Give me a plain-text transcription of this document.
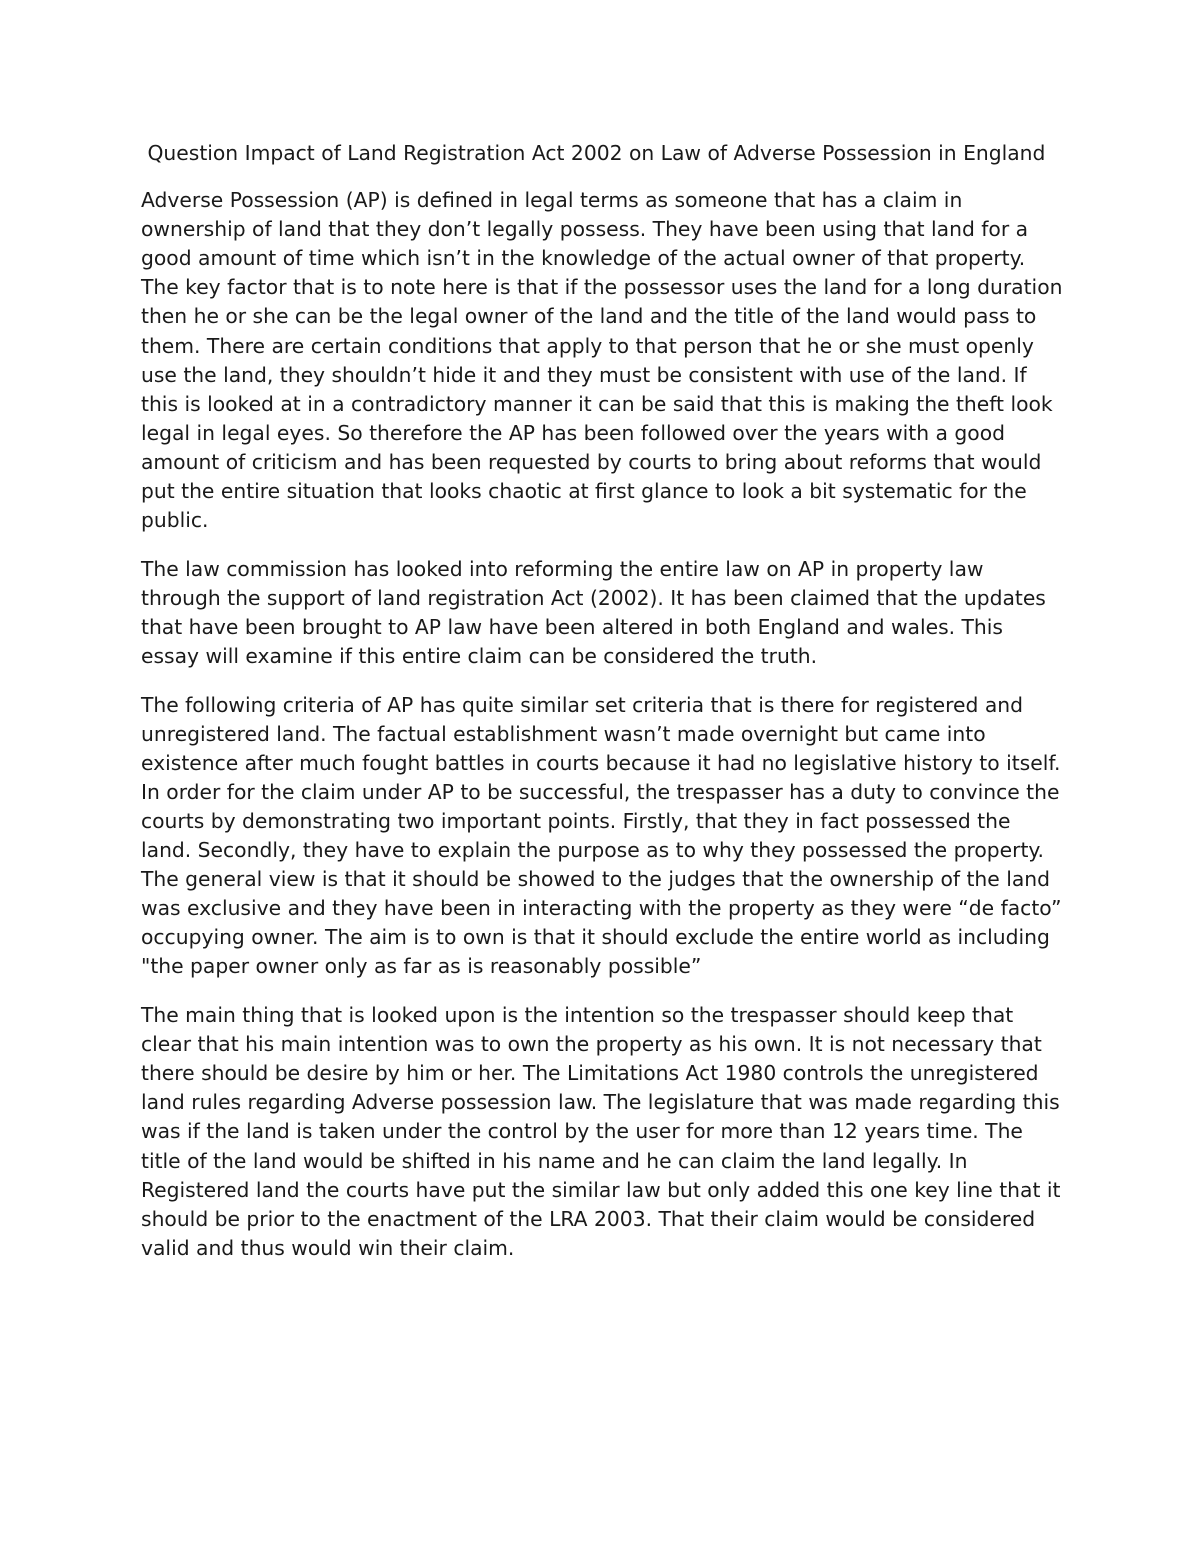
Question Impact of Land Registration Act 2002 on Law of Adverse Possession in England

Adverse Possession (AP) is defined in legal terms as someone that has a claim in ownership of land that they don’t legally possess. They have been using that land for a good amount of time which isn’t in the knowledge of the actual owner of that property. The key factor that is to note here is that if the possessor uses the land for a long duration then he or she can be the legal owner of the land and the title of the land would pass to them. There are certain conditions that apply to that person that he or she must openly use the land, they shouldn’t hide it and they must be consistent with use of the land. If this is looked at in a contradictory manner it can be said that this is making the theft look legal in legal eyes. So therefore the AP has been followed over the years with a good amount of criticism and has been requested by courts to bring about reforms that would put the entire situation that looks chaotic at first glance to look a bit systematic for the public.

The law commission has looked into reforming the entire law on AP in property law through the support of land registration Act (2002). It has been claimed that the updates that have been brought to AP law have been altered in both England and wales. This essay will examine if this entire claim can be considered the truth.

The following criteria of AP has quite similar set criteria that is there for registered and unregistered land. The factual establishment wasn’t made overnight but came into existence after much fought battles in courts because it had no legislative history to itself. In order for the claim under AP to be successful, the trespasser has a duty to convince the courts by demonstrating two important points. Firstly, that they in fact possessed the land. Secondly, they have to explain the purpose as to why they possessed the property. The general view is that it should be showed to the judges that the ownership of the land was exclusive and they have been in interacting with the property as they were “de facto” occupying owner. The aim is to own is that it should exclude the entire world as including "the paper owner only as far as is reasonably possible”

The main thing that is looked upon is the intention so the trespasser should keep that clear that his main intention was to own the property as his own. It is not necessary that there should be desire by him or her. The Limitations Act 1980 controls the unregistered land rules regarding Adverse possession law. The legislature that was made regarding this was if the land is taken under the control by the user for more than 12 years time. The title of the land would be shifted in his name and he can claim the land legally. In Registered land the courts have put the similar law but only added this one key line that it should be prior to the enactment of the LRA 2003. That their claim would be considered valid and thus would win their claim.
